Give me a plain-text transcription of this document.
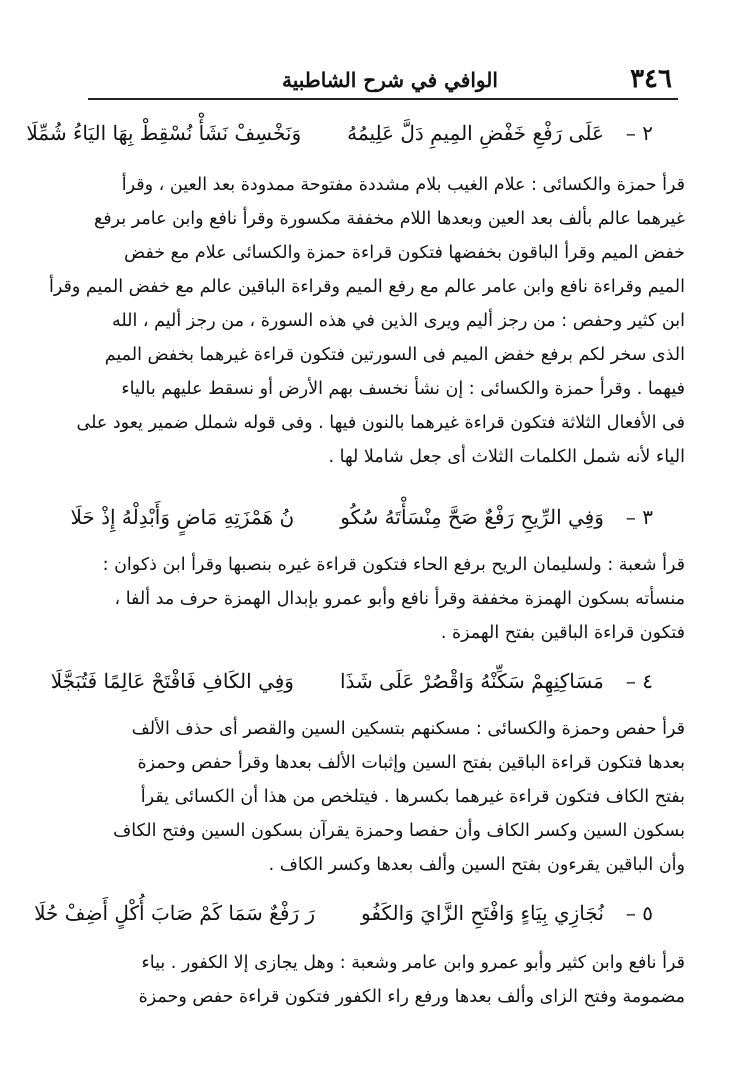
٣٤٦
الوافي في شرح الشاطبية
٢ –عَلَى رَفْعِ خَفْضِ المِيمِ دَلَّ عَلِيمُهُوَنَخْسِفْ نَشَأْ نُسْقِطْ بِهَا اليَاءُ شُمِّلَا

قرأ حمزة والكسائى : علام الغيب بلام مشددة مفتوحة ممدودة بعد العين ، وقرأ

غيرهما عالم بألف بعد العين وبعدها اللام مخففة مكسورة وقرأ نافع وابن عامر برفع

خفض الميم وقرأ الباقون بخفضها فتكون قراءة حمزة والكسائى علام مع خفض

الميم وقراءة نافع وابن عامر عالم مع رفع الميم وقراءة الباقين عالم مع خفض الميم وقرأ

ابن كثير وحفص : من رجز أليم ويرى الذين في هذه السورة ، من رجز أليم ، الله

الذى سخر لكم برفع خفض الميم فى السورتين فتكون قراءة غيرهما بخفض الميم

فيهما . وقرأ حمزة والكسائى : إن نشأ نخسف بهم الأرض أو نسقط عليهم بالياء

فى الأفعال الثلاثة فتكون قراءة غيرهما بالنون فيها . وفى قوله شملل ضمير يعود على

الياء لأنه شمل الكلمات الثلاث أى جعل شاملا لها .

٣ –وَفِي الرِّيحِ رَفْعٌ صَحَّ مِنْسَأْتَهُ سُكُونُ هَمْزَتِهِ مَاضٍ وَأَبْدِلْهُ إِذْ حَلَا

قرأ شعبة : ولسليمان الريح برفع الحاء فتكون قراءة غيره بنصبها وقرأ ابن ذكوان :

منسأته بسكون الهمزة مخففة وقرأ نافع وأبو عمرو بإبدال الهمزة حرف مد ألفا ،

فتكون قراءة الباقين بفتح الهمزة .

٤ –مَسَاكِنِهِمْ سَكِّنْهُ وَاقْصُرْ عَلَى شَذَاوَفِي الكَافِ فَافْتَحْ عَالِمًا فَتُبَجَّلَا

قرأ حفص وحمزة والكسائى : مسكنهم بتسكين السين والقصر أى حذف الألف

بعدها فتكون قراءة الباقين بفتح السين وإثبات الألف بعدها وقرأ حفص وحمزة

بفتح الكاف فتكون قراءة غيرهما بكسرها . فيتلخص من هذا أن الكسائى يقرأ

بسكون السين وكسر الكاف وأن حفصا وحمزة يقرآن بسكون السين وفتح الكاف

وأن الباقين يقرءون بفتح السين وألف بعدها وكسر الكاف .

٥ –نُجَازِي بِيَاءٍ وَافْتَحِ الزَّايَ وَالكَفُورَ رَفْعٌ سَمَا كَمْ صَابَ أُكْلٍ أَضِفْ حُلَا

قرأ نافع وابن كثير وأبو عمرو وابن عامر وشعبة : وهل يجازى إلا الكفور . بياء

مضمومة وفتح الزاى وألف بعدها ورفع راء الكفور فتكون قراءة حفص وحمزة
